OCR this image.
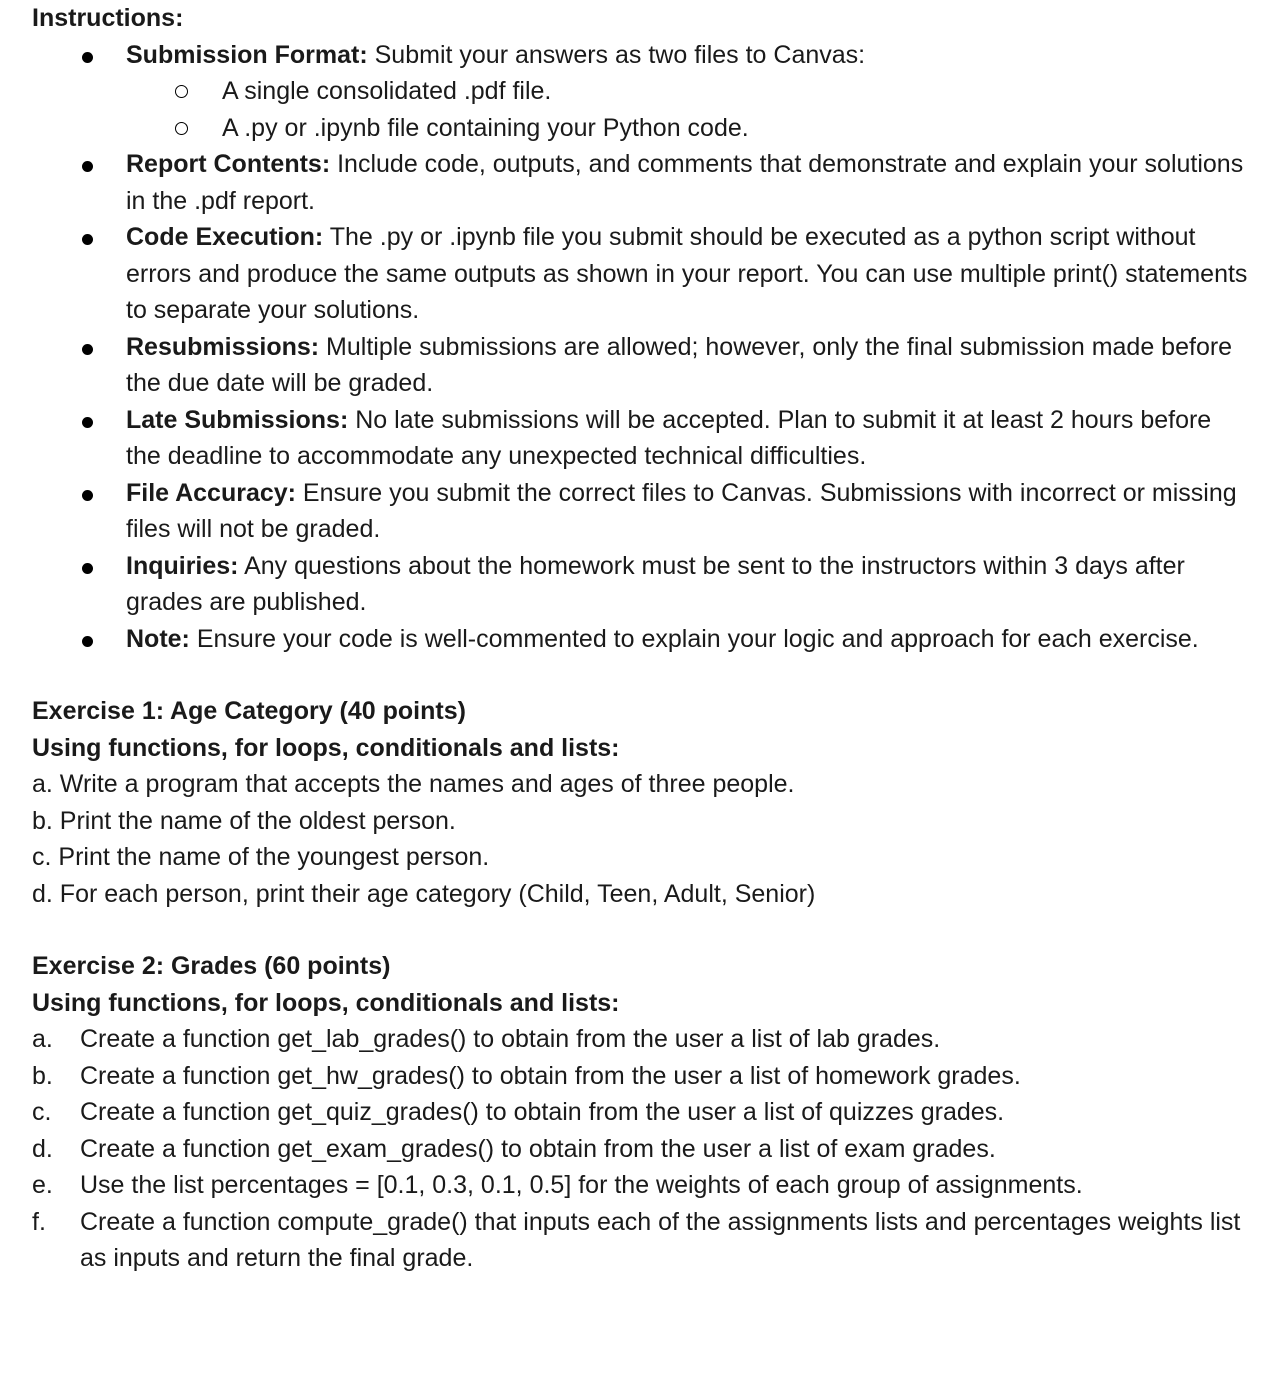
Instructions:

Submission Format: Submit your answers as two files to Canvas:
A single consolidated .pdf file.
A .py or .ipynb file containing your Python code.
Report Contents: Include code, outputs, and comments that demonstrate and explain your solutions in the .pdf report.
Code Execution: The .py or .ipynb file you submit should be executed as a python script without errors and produce the same outputs as shown in your report. You can use multiple print() statements to separate your solutions.
Resubmissions: Multiple submissions are allowed; however, only the final submission made before the due date will be graded.
Late Submissions: No late submissions will be accepted. Plan to submit it at least 2 hours before the deadline to accommodate any unexpected technical difficulties.
File Accuracy: Ensure you submit the correct files to Canvas. Submissions with incorrect or missing files will not be graded.
Inquiries: Any questions about the homework must be sent to the instructors within 3 days after grades are published.
Note: Ensure your code is well-commented to explain your logic and approach for each exercise.

Exercise 1: Age Category (40 points)

Using functions, for loops, conditionals and lists:

a. Write a program that accepts the names and ages of three people.

b. Print the name of the oldest person.

c. Print the name of the youngest person.

d. For each person, print their age category (Child, Teen, Adult, Senior)

Exercise 2: Grades (60 points)

Using functions, for loops, conditionals and lists:

a. Create a function get_lab_grades() to obtain from the user a list of lab grades.
b. Create a function get_hw_grades() to obtain from the user a list of homework grades.
c. Create a function get_quiz_grades() to obtain from the user a list of quizzes grades.
d. Create a function get_exam_grades() to obtain from the user a list of exam grades.
e. Use the list percentages = [0.1, 0.3, 0.1, 0.5] for the weights of each group of assignments.
f. Create a function compute_grade() that inputs each of the assignments lists and percentages weights list as inputs and return the final grade.
